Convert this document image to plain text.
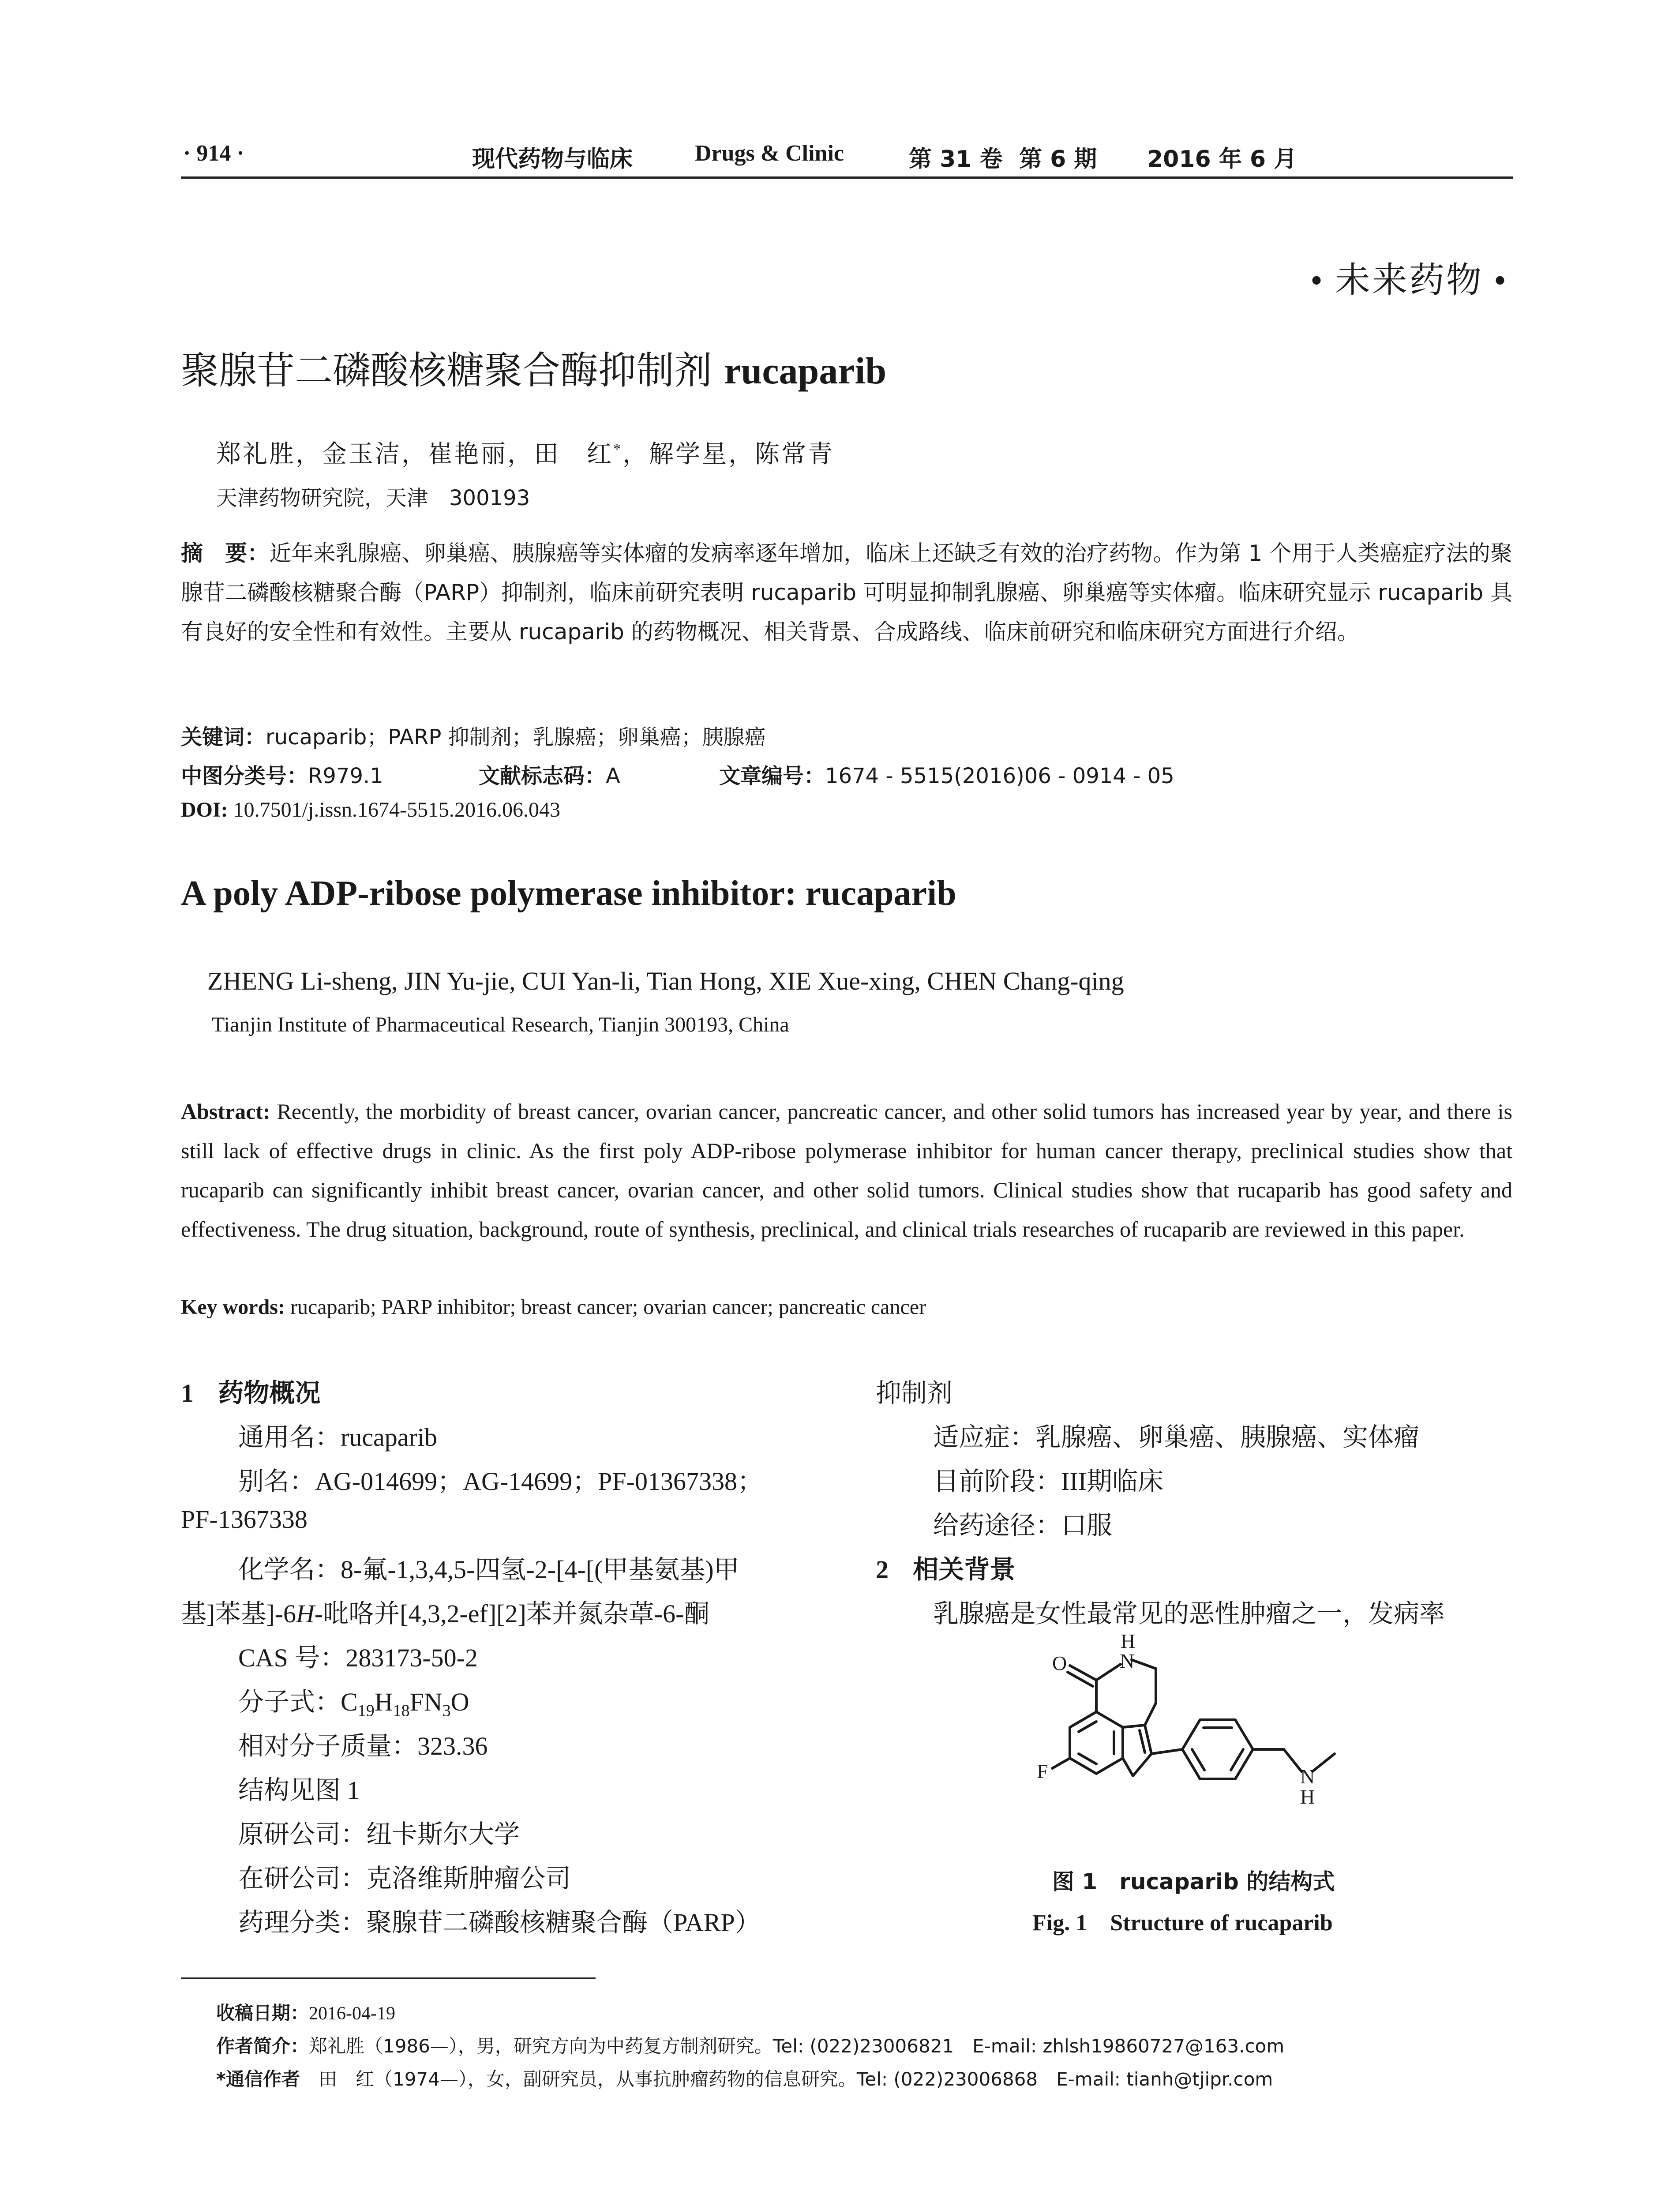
· 914 ·	现代药物与临床	Drugs & Clinic	第 31 卷 第 6 期 2016 年 6 月
• 未来药物 •
聚腺苷二磷酸核糖聚合酶抑制剂 rucaparib
郑礼胜，金玉洁，崔艳丽，田　红*，解学星，陈常青
天津药物研究院，天津　300193
摘　要：近年来乳腺癌、卵巢癌、胰腺癌等实体瘤的发病率逐年增加，临床上还缺乏有效的治疗药物。作为第 1 个用于人类癌症疗法的聚腺苷二磷酸核糖聚合酶（PARP）抑制剂，临床前研究表明 rucaparib 可明显抑制乳腺癌、卵巢癌等实体瘤。临床研究显示 rucaparib 具有良好的安全性和有效性。主要从 rucaparib 的药物概况、相关背景、合成路线、临床前研究和临床研究方面进行介绍。
关键词：rucaparib；PARP 抑制剂；乳腺癌；卵巢癌；胰腺癌
中图分类号：R979.1	文献标志码：A	文章编号：1674 - 5515(2016)06 - 0914 - 05
DOI: 10.7501/j.issn.1674-5515.2016.06.043
A poly ADP-ribose polymerase inhibitor: rucaparib
ZHENG Li-sheng, JIN Yu-jie, CUI Yan-li, Tian Hong, XIE Xue-xing, CHEN Chang-qing
Tianjin Institute of Pharmaceutical Research, Tianjin 300193, China
Abstract: Recently, the morbidity of breast cancer, ovarian cancer, pancreatic cancer, and other solid tumors has increased year by year, and there is still lack of effective drugs in clinic. As the first poly ADP-ribose polymerase inhibitor for human cancer therapy, preclinical studies show that rucaparib can significantly inhibit breast cancer, ovarian cancer, and other solid tumors. Clinical studies show that rucaparib has good safety and effectiveness. The drug situation, background, route of synthesis, preclinical, and clinical trials researches of rucaparib are reviewed in this paper.
Key words: rucaparib; PARP inhibitor; breast cancer; ovarian cancer; pancreatic cancer
1 药物概况
通用名：rucaparib
别名：AG-014699；AG-14699；PF-01367338；
PF-1367338
化学名：8-氟-1,3,4,5-四氢-2-[4-[(甲基氨基)甲
基]苯基]-6H-吡咯并[4,3,2-ef][2]苯并氮杂䓬-6-酮
CAS 号：283173-50-2
分子式：$C_{19}H_{18}FN_3O$
相对分子质量：323.36
结构见图 1
原研公司：纽卡斯尔大学
在研公司：克洛维斯肿瘤公司
药理分类：聚腺苷二磷酸核糖聚合酶（PARP）
抑制剂
适应症：乳腺癌、卵巢癌、胰腺癌、实体瘤
目前阶段：III期临床
给药途径：口服
2 相关背景
乳腺癌是女性最常见的恶性肿瘤之一，发病率
H
N
O
F	N
H
图 1　rucaparib 的结构式
Fig. 1　Structure of rucaparib
收稿日期：2016-04-19
作者简介：郑礼胜（1986—），男，研究方向为中药复方制剂研究。Tel: (022)23006821　E-mail: zhlsh19860727@163.com
*通信作者　田　红（1974—），女，副研究员，从事抗肿瘤药物的信息研究。Tel: (022)23006868　E-mail: tianh@tjipr.com
